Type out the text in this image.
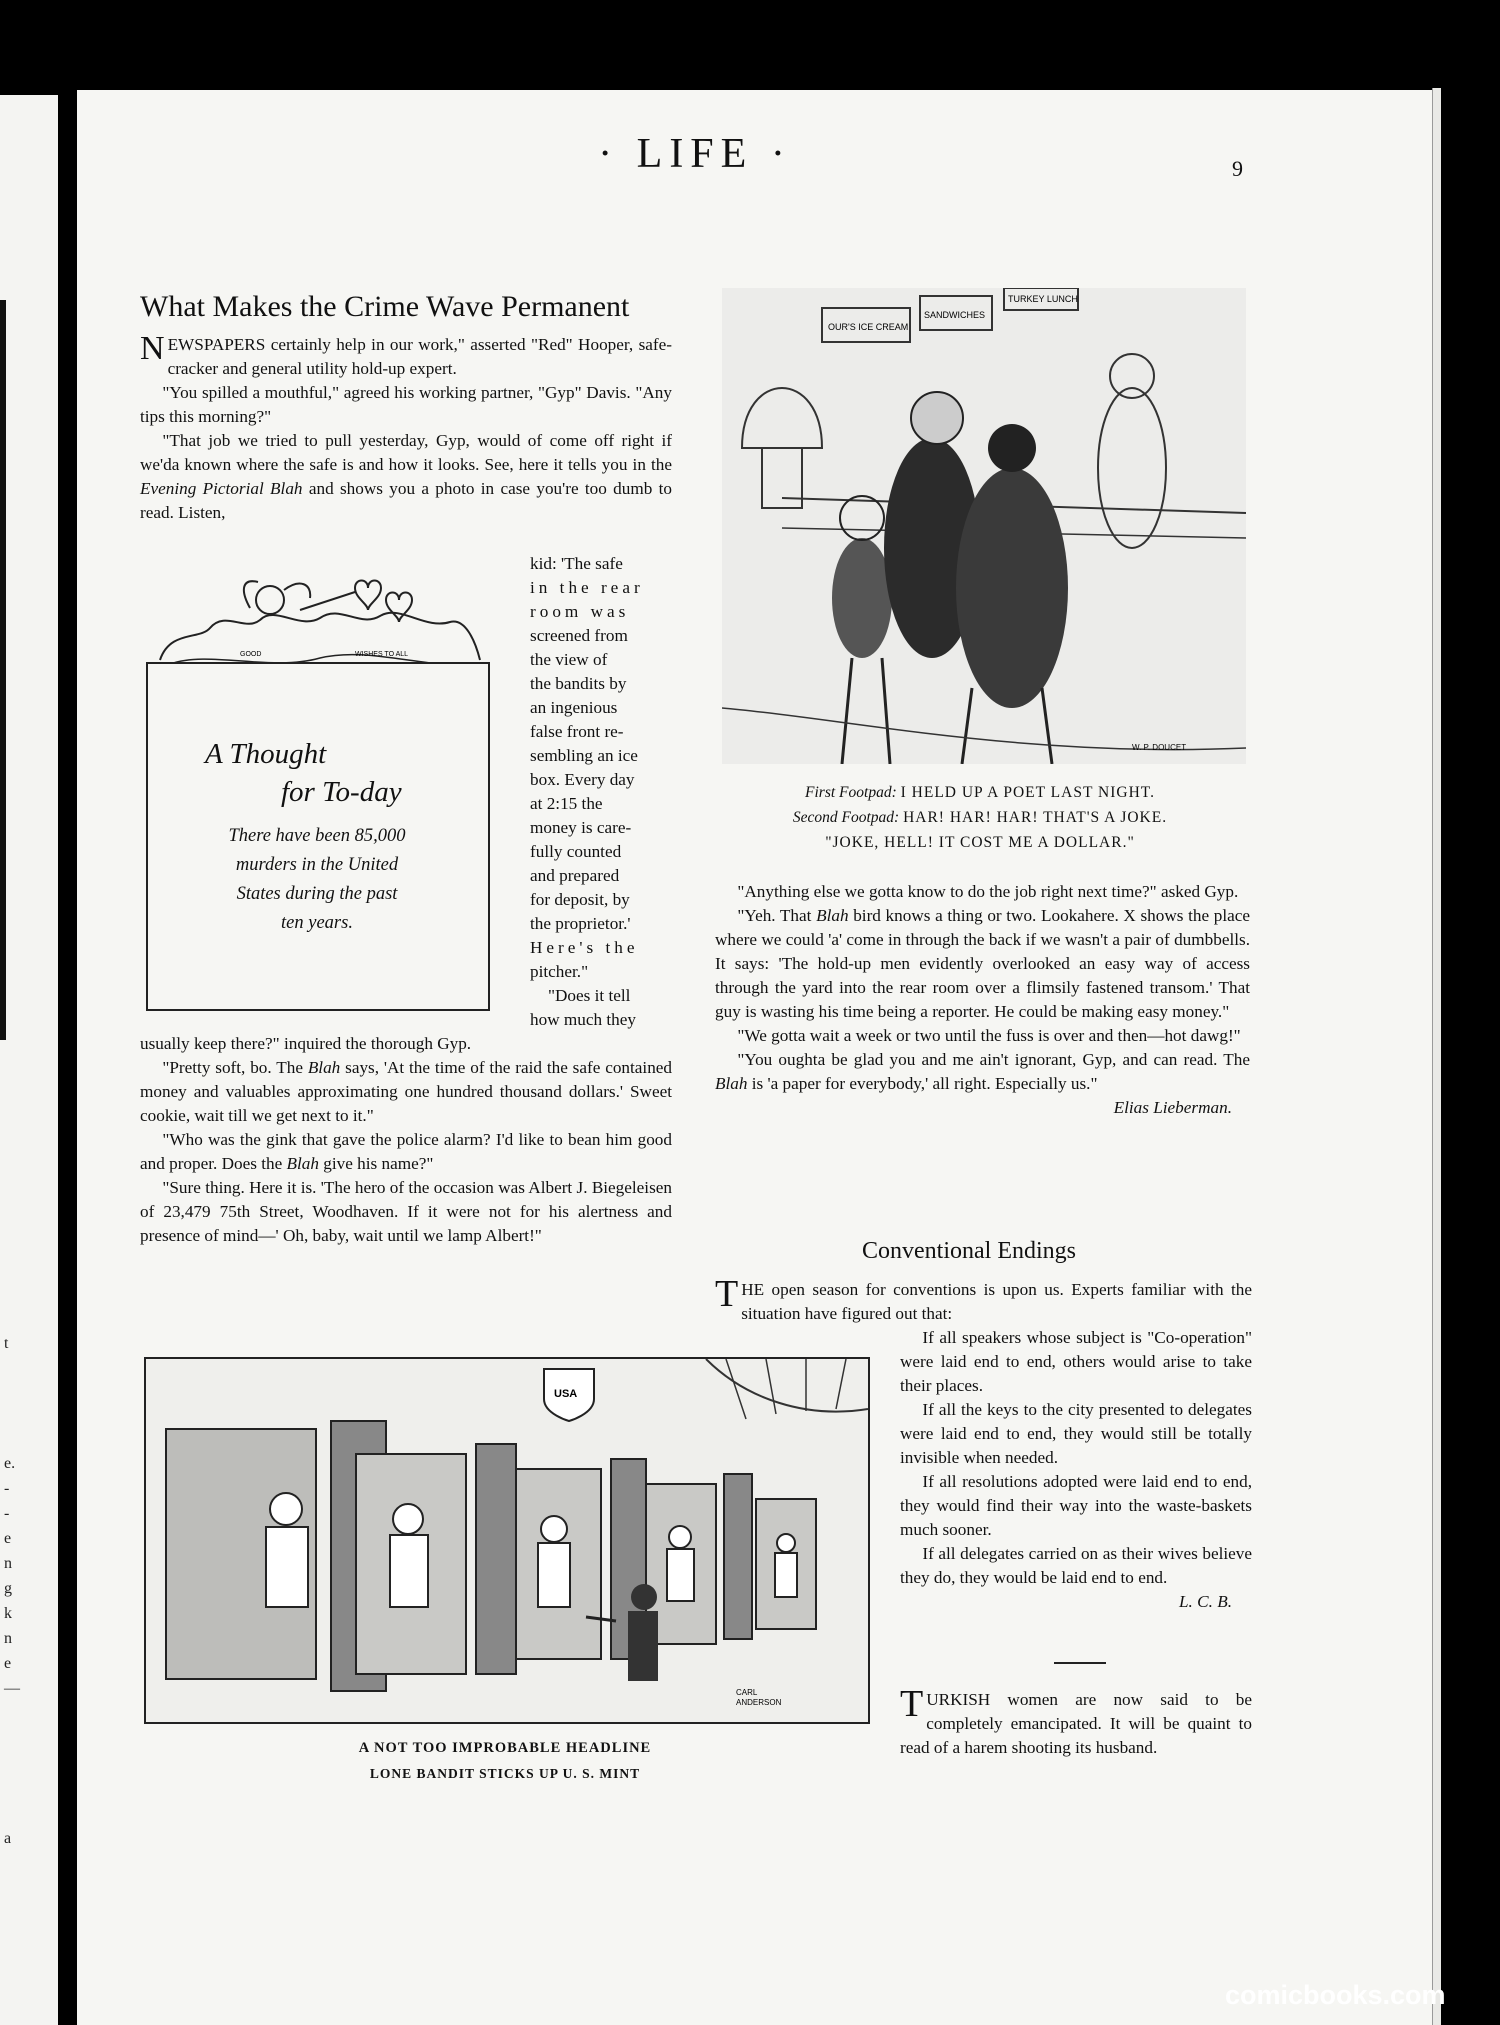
t
e.
-
-
e
n
g
k
n
e
—
a
· LIFE ·	9
What Makes the Crime Wave Permanent

NEWSPAPERS certainly help in our work," asserted "Red" Hooper, safe-cracker and general utility hold-up expert.

"You spilled a mouthful," agreed his working partner, "Gyp" Davis. "Any tips this morning?"

"That job we tried to pull yesterday, Gyp, would of come off right if we'da known where the safe is and how it looks. See, here it tells you in the Evening Pictorial Blah and shows you a photo in case you're too dumb to read. Listen,

GOOD	WISHES TO ALL
A Thought
for To-day
There have been 85,000
murders in the United
States during the past
ten years.
kid: 'The safe
in the rear
room was
screened from
the view of
the bandits by
an ingenious
false front re-
sembling an ice
box. Every day
at 2:15 the
money is care-
fully counted
and prepared
for deposit, by
the proprietor.'
Here's the
pitcher."
"Does it tell
how much they

usually keep there?" inquired the thorough Gyp.

"Pretty soft, bo. The Blah says, 'At the time of the raid the safe contained money and valuables approximating one hundred thousand dollars.' Sweet cookie, wait till we get next to it."

"Who was the gink that gave the police alarm? I'd like to bean him good and proper. Does the Blah give his name?"

"Sure thing. Here it is. 'The hero of the occasion was Albert J. Biegeleisen of 23,479 75th Street, Woodhaven. If it were not for his alertness and presence of mind—' Oh, baby, wait until we lamp Albert!"

OUR'S ICE CREAM
SANDWICHES
TURKEY LUNCH
W. P. DOUCET
First Footpad: I HELD UP A POET LAST NIGHT.
Second Footpad: HAR! HAR! HAR! THAT'S A JOKE.
"JOKE, HELL! IT COST ME A DOLLAR."

"Anything else we gotta know to do the job right next time?" asked Gyp.

"Yeh. That Blah bird knows a thing or two. Lookahere. X shows the place where we could 'a' come in through the back if we wasn't a pair of dumbbells. It says: 'The hold-up men evidently overlooked an easy way of access through the yard into the rear room over a flimsily fastened transom.' That guy is wasting his time being a reporter. He could be making easy money."

"We gotta wait a week or two until the fuss is over and then—hot dawg!"

"You oughta be glad you and me ain't ignorant, Gyp, and can read. The Blah is 'a paper for everybody,' all right. Especially us."

Elias Lieberman.
Conventional Endings

THE open season for conventions is upon us. Experts familiar with the situation have figured out that:

If all speakers whose subject is "Co-operation" were laid end to end, others would arise to take their places.

If all the keys to the city presented to delegates were laid end to end, they would still be totally invisible when needed.

If all resolutions adopted were laid end to end, they would find their way into the waste-baskets much sooner.

If all delegates carried on as their wives believe they do, they would be laid end to end.

L. C. B.

TURKISH women are now said to be completely emancipated. It will be quaint to read of a harem shooting its husband.

USA
CARL
ANDERSON
A NOT TOO IMPROBABLE HEADLINE
LONE BANDIT STICKS UP U. S. MINT
comicbooks.com
